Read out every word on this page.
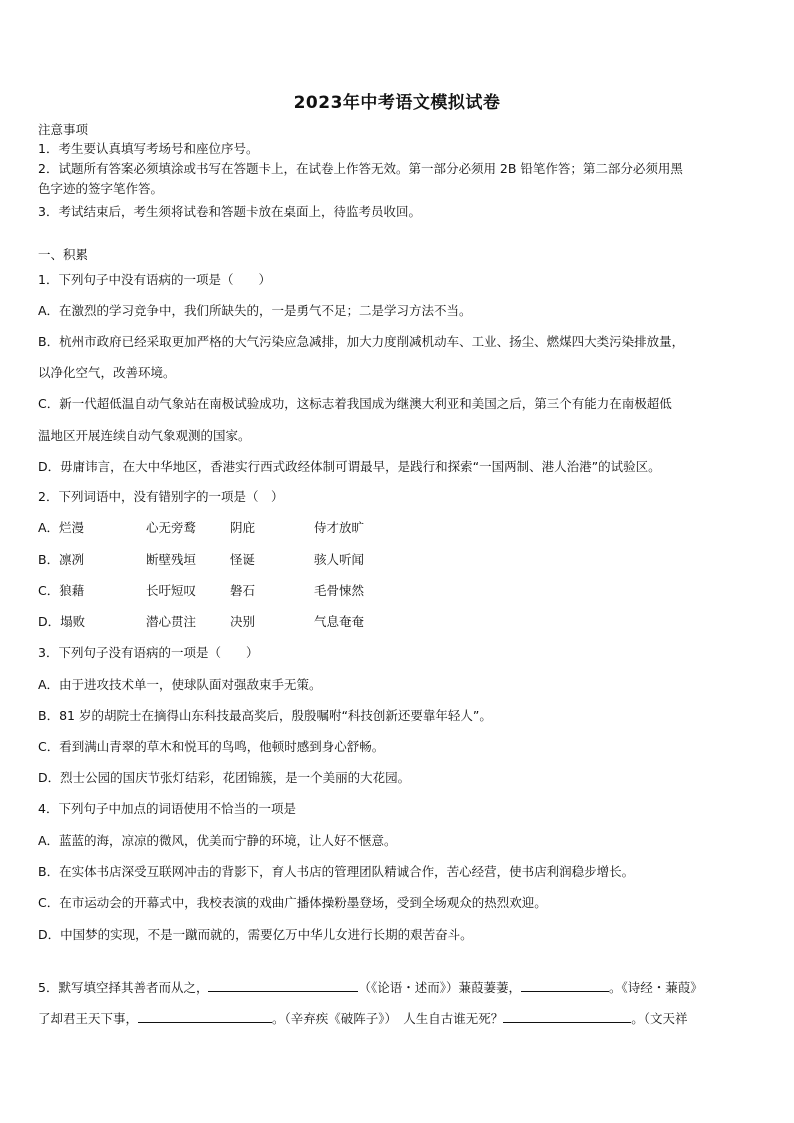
2023年中考语文模拟试卷
注意事项
1．考生要认真填写考场号和座位序号。
2．试题所有答案必须填涂或书写在答题卡上，在试卷上作答无效。第一部分必须用 2B 铅笔作答；第二部分必须用黑
色字迹的签字笔作答。
3．考试结束后，考生须将试卷和答题卡放在桌面上，待监考员收回。
一、积累
1．下列句子中没有语病的一项是（　　）
A．在激烈的学习竞争中，我们所缺失的，一是勇气不足；二是学习方法不当。
B．杭州市政府已经采取更加严格的大气污染应急减排，加大力度削减机动车、工业、扬尘、燃煤四大类污染排放量，
以净化空气，改善环境。
C．新一代超低温自动气象站在南极试验成功，这标志着我国成为继澳大利亚和美国之后，第三个有能力在南极超低
温地区开展连续自动气象观测的国家。
D．毋庸讳言，在大中华地区，香港实行西式政经体制可谓最早，是践行和探索“一国两制、港人治港”的试验区。
2．下列词语中，没有错别字的一项是（　）
A．烂漫	心无旁鹜	阴庇	侍才放旷
B．凛冽	断壁残垣	怪诞	骇人听闻
C．狼藉	长吁短叹	磐石	毛骨悚然
D．塌败	潜心贯注	决别	气息奄奄
3．下列句子没有语病的一项是（　　）
A．由于进攻技术单一，使球队面对强敌束手无策。
B．81 岁的胡院士在摘得山东科技最高奖后，殷殷嘱咐“科技创新还要靠年轻人”。
C．看到满山青翠的草木和悦耳的鸟鸣，他顿时感到身心舒畅。
D．烈士公园的国庆节张灯结彩，花团锦簇，是一个美丽的大花园。
4．下列句子中加点的词语使用不恰当的一项是
A．蓝蓝的海，凉凉的微风，优美而宁静的环境，让人好不惬意。
B．在实体书店深受互联网冲击的背影下，育人书店的管理团队精诚合作，苦心经营，使书店利润稳步增长。
C．在市运动会的开幕式中，我校表演的戏曲广播体操粉墨登场，受到全场观众的热烈欢迎。
D．中国梦的实现，不是一蹴而就的，需要亿万中华儿女进行长期的艰苦奋斗。
5．默写填空择其善者而从之，	（《论语・述而》）蒹葭萋萋，	。《诗经・蒹葭》
了却君王天下事，	。（辛弃疾《破阵子》）　人生自古谁无死？	。（文天祥
